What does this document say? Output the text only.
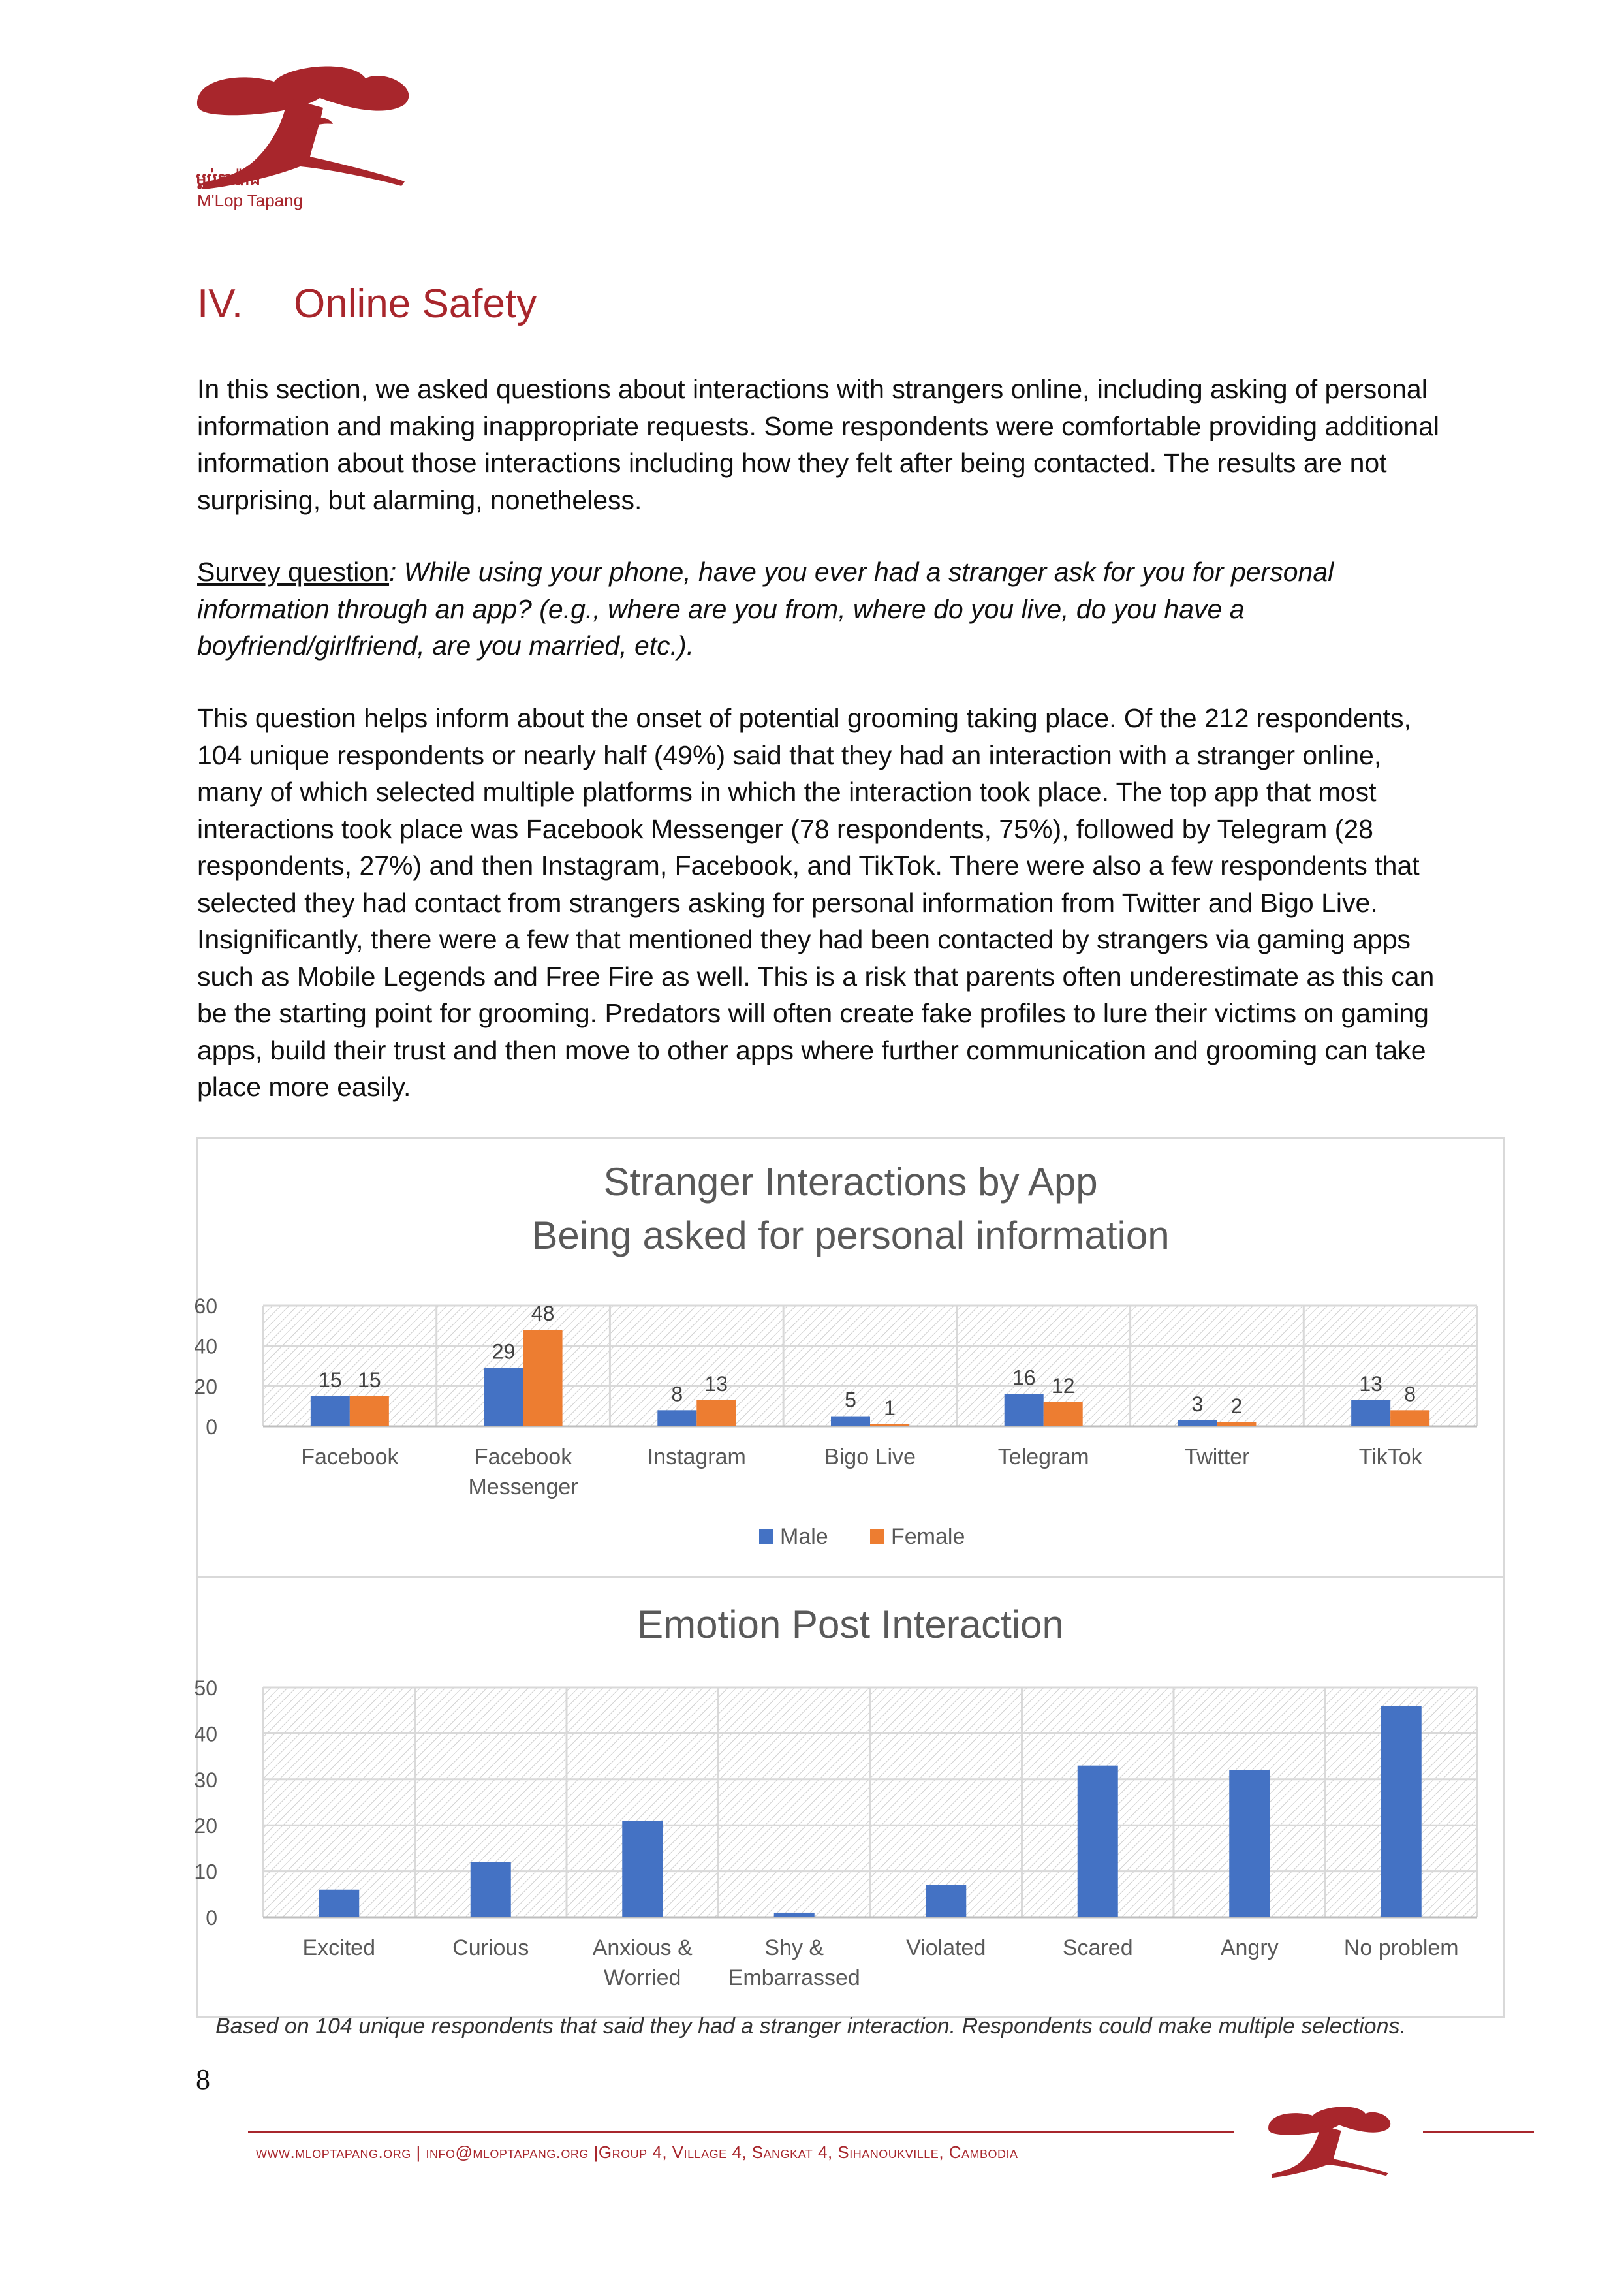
ម្លប់តាប៉ាង
M'Lop Tapang
IV. Online Safety
In this section, we asked questions about interactions with strangers online, including asking of personal information and making inappropriate requests. Some respondents were comfortable providing additional information about those interactions including how they felt after being contacted. The results are not surprising, but alarming, nonetheless.
Survey question: While using your phone, have you ever had a stranger ask for you for personal information through an app? (e.g., where are you from, where do you live, do you have a boyfriend/girlfriend, are you married, etc.).
This question helps inform about the onset of potential grooming taking place. Of the 212 respondents, 104 unique respondents or nearly half (49%) said that they had an interaction with a stranger online, many of which selected multiple platforms in which the interaction took place. The top app that most interactions took place was Facebook Messenger (78 respondents, 75%), followed by Telegram (28 respondents, 27%) and then Instagram, Facebook, and TikTok. There were also a few respondents that selected they had contact from strangers asking for personal information from Twitter and Bigo Live. Insignificantly, there were a few that mentioned they had been contacted by strangers via gaming apps such as Mobile Legends and Free Fire as well. This is a risk that parents often underestimate as this can be the starting point for grooming. Predators will often create fake profiles to lure their victims on gaming apps, build their trust and then move to other apps where further communication and grooming can take place more easily.
Stranger Interactions by App
Being asked for personal information
0
20
40
60
15 15
Facebook
29
48
Facebook
Messenger
8 13
Instagram
5 1
Bigo Live
16 12
Telegram
3 2
Twitter
13 8
TikTok
Male	Female
Emotion Post Interaction
0
10
20
30
40
50
Excited	Curious	Anxious &
Worried
Shy &
Embarrassed
Violated	Scared	Angry	No problem
Based on 104 unique respondents that said they had a stranger interaction. Respondents could make multiple selections.
8
www.mloptapang.org | info@mloptapang.org |Group 4, Village 4, Sangkat 4, Sihanoukville, Cambodia
